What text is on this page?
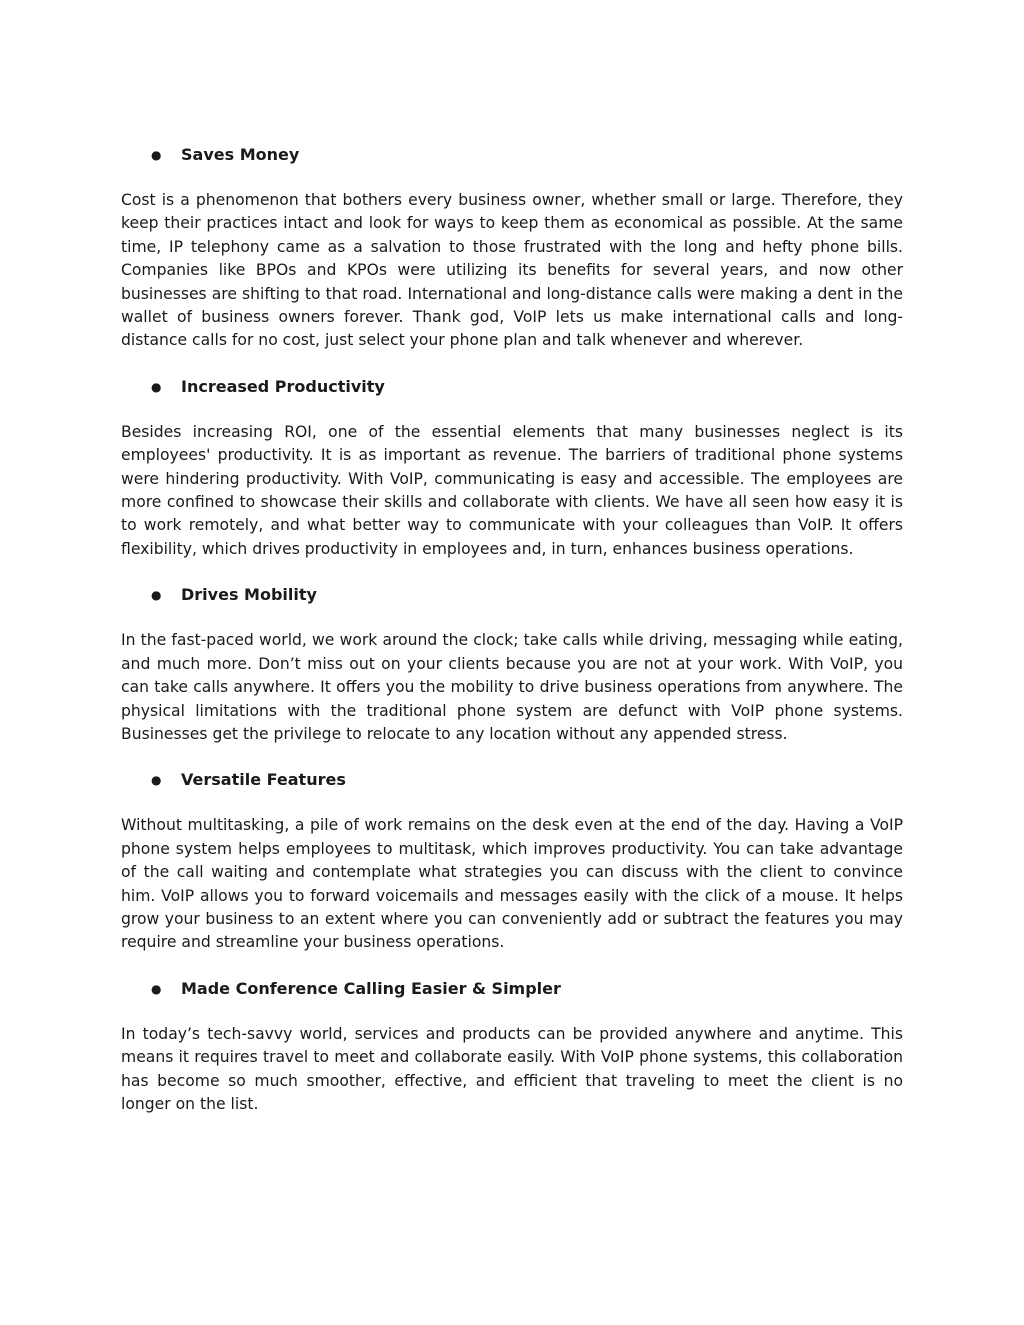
●	Saves Money

Cost is a phenomenon that bothers every business owner, whether small or large. Therefore, they keep their practices intact and look for ways to keep them as economical as possible. At the same time, IP telephony came as a salvation to those frustrated with the long and hefty phone bills. Companies like BPOs and KPOs were utilizing its benefits for several years, and now other businesses are shifting to that road. International and long-distance calls were making a dent in the wallet of business owners forever. Thank god, VoIP lets us make international calls and long-distance calls for no cost, just select your phone plan and talk whenever and wherever.

●	Increased Productivity

Besides increasing ROI, one of the essential elements that many businesses neglect is its employees' productivity. It is as important as revenue. The barriers of traditional phone systems were hindering productivity. With VoIP, communicating is easy and accessible. The employees are more confined to showcase their skills and collaborate with clients. We have all seen how easy it is to work remotely, and what better way to communicate with your colleagues than VoIP. It offers flexibility, which drives productivity in employees and, in turn, enhances business operations.

●	Drives Mobility

In the fast-paced world, we work around the clock; take calls while driving, messaging while eating, and much more. Don’t miss out on your clients because you are not at your work. With VoIP, you can take calls anywhere. It offers you the mobility to drive business operations from anywhere. The physical limitations with the traditional phone system are defunct with VoIP phone systems. Businesses get the privilege to relocate to any location without any appended stress.

●	Versatile Features

Without multitasking, a pile of work remains on the desk even at the end of the day. Having a VoIP phone system helps employees to multitask, which improves productivity. You can take advantage of the call waiting and contemplate what strategies you can discuss with the client to convince him. VoIP allows you to forward voicemails and messages easily with the click of a mouse. It helps grow your business to an extent where you can conveniently add or subtract the features you may require and streamline your business operations.

●	Made Conference Calling Easier & Simpler

In today’s tech-savvy world, services and products can be provided anywhere and anytime. This means it requires travel to meet and collaborate easily. With VoIP phone systems, this collaboration has become so much smoother, effective, and efficient that traveling to meet the client is no longer on the list.
